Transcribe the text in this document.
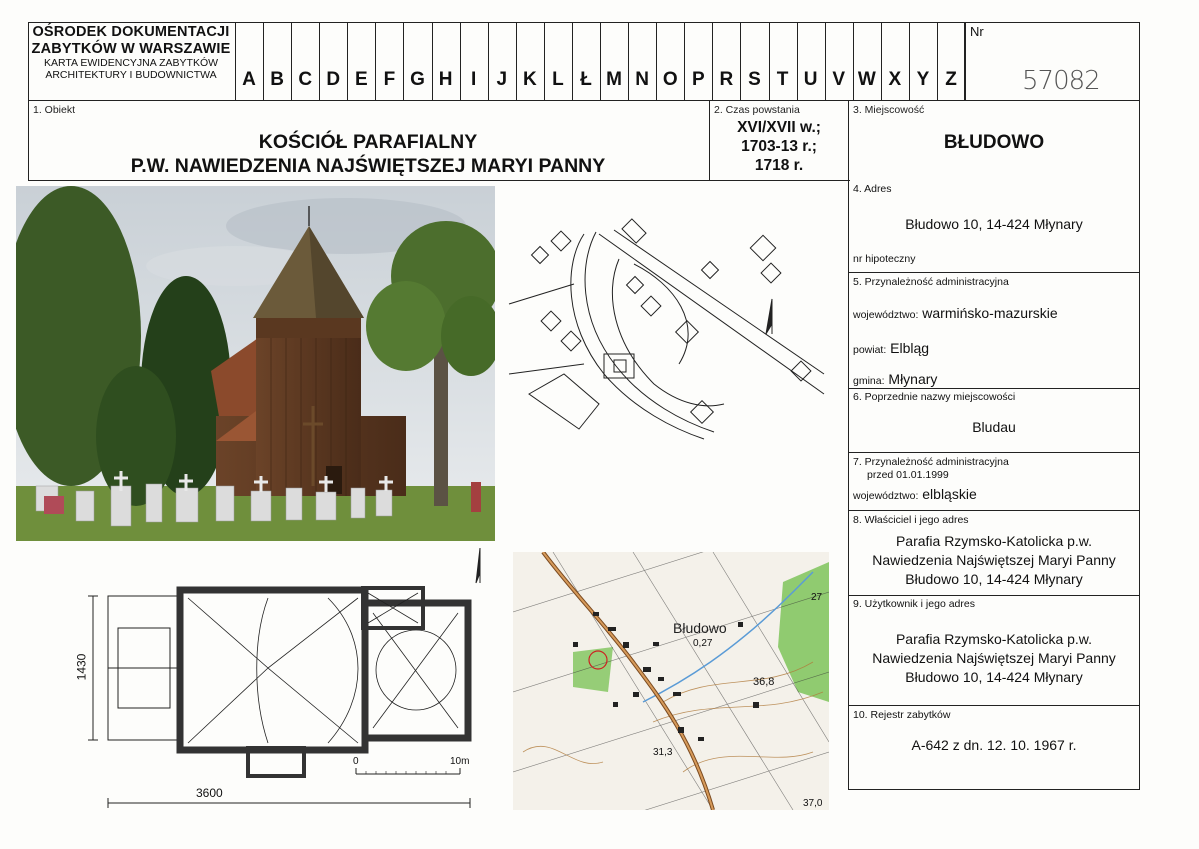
OŚRODEK DOKUMENTACJI
ZABYTKÓW W WARSZAWIE
KARTA EWIDENCYJNA ZABYTKÓW
ARCHITEKTURY I BUDOWNICTWA	A B C D E F G H I	J K L Ł M N O P R S T U V W X Y Z
Nr
57082
1. Obiekt
KOŚCIÓŁ PARAFIALNY
P.W. NAWIEDZENIA NAJŚWIĘTSZEJ MARYI PANNY
2. Czas powstania
XVI/XVII w.;
1703-13 r.;
1718 r.
3. Miejscowość
BŁUDOWO
4. Adres
Błudowo 10, 14-424 Młynary
nr hipoteczny
5. Przynależność administracyjna
województwo: warmińsko-mazurskie
powiat: Elbląg
gmina: Młynary
6. Poprzednie nazwy miejscowości
Bludau
7. Przynależność administracyjna
przed 01.01.1999
województwo: elbląskie
8. Właściciel i jego adres
Parafia Rzymsko-Katolicka p.w.
Nawiedzenia Najświętszej Maryi Panny
Błudowo 10, 14-424 Młynary
9. Użytkownik i jego adres
Parafia Rzymsko-Katolicka p.w.
Nawiedzenia Najświętszej Maryi Panny
Błudowo 10, 14-424 Młynary
10. Rejestr zabytków
A-642 z dn. 12. 10. 1967 r.
3600
1430
0	10m
Błudowo
0,27
36,8
37,0
31,3
27
